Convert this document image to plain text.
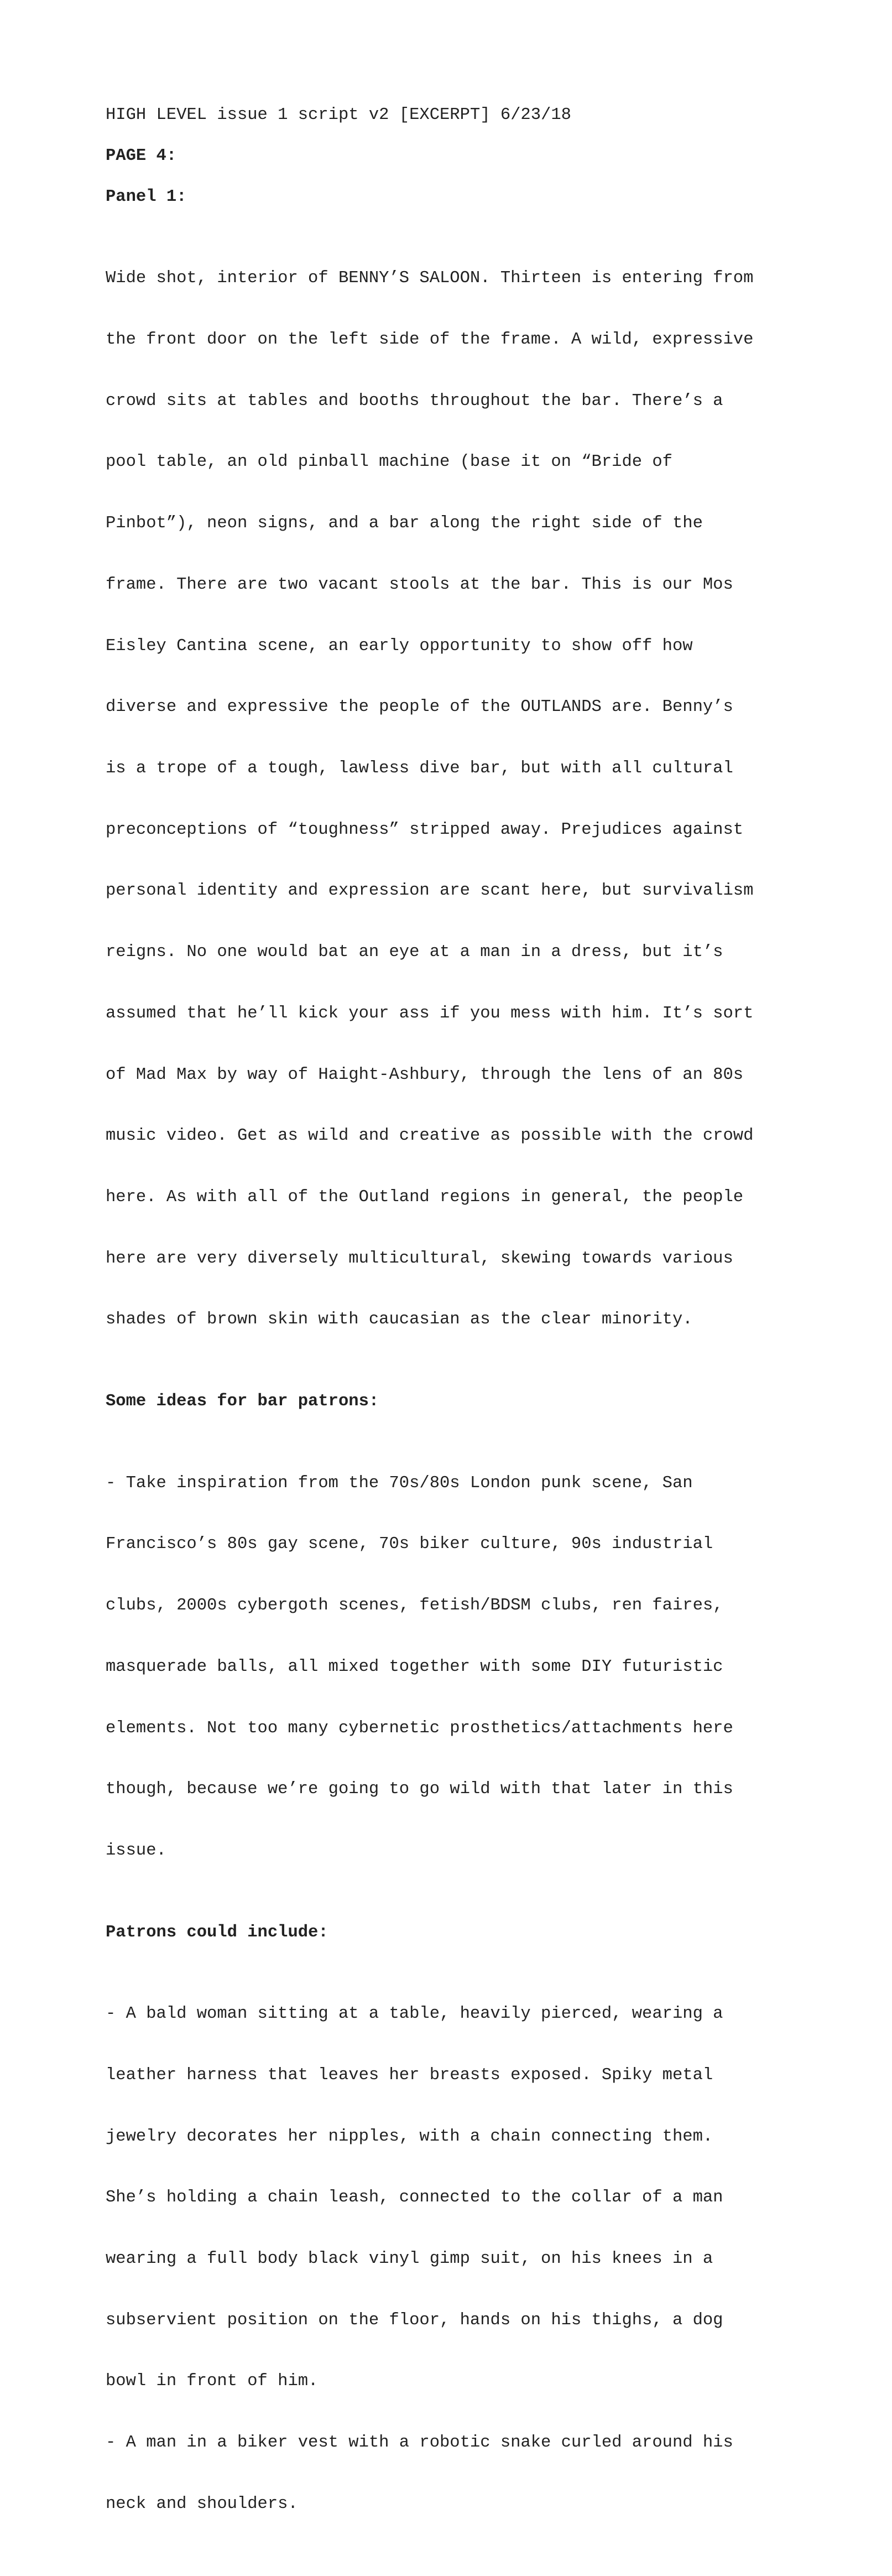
HIGH LEVEL issue 1 script v2 [EXCERPT] 6/23/18
PAGE 4:
Panel 1:

Wide shot, interior of BENNY’S SALOON. Thirteen is entering from

the front door on the left side of the frame. A wild, expressive

crowd sits at tables and booths throughout the bar. There’s a

pool table, an old pinball machine (base it on “Bride of

Pinbot”), neon signs, and a bar along the right side of the

frame. There are two vacant stools at the bar. This is our Mos

Eisley Cantina scene, an early opportunity to show off how

diverse and expressive the people of the OUTLANDS are. Benny’s

is a trope of a tough, lawless dive bar, but with all cultural

preconceptions of “toughness” stripped away. Prejudices against

personal identity and expression are scant here, but survivalism

reigns. No one would bat an eye at a man in a dress, but it’s

assumed that he’ll kick your ass if you mess with him. It’s sort

of Mad Max by way of Haight-Ashbury, through the lens of an 80s

music video. Get as wild and creative as possible with the crowd

here. As with all of the Outland regions in general, the people

here are very diversely multicultural, skewing towards various

shades of brown skin with caucasian as the clear minority.

Some ideas for bar patrons:

- Take inspiration from the 70s/80s London punk scene, San

Francisco’s 80s gay scene, 70s biker culture, 90s industrial

clubs, 2000s cybergoth scenes, fetish/BDSM clubs, ren faires,

masquerade balls, all mixed together with some DIY futuristic

elements. Not too many cybernetic prosthetics/attachments here

though, because we’re going to go wild with that later in this

issue.

Patrons could include:

- A bald woman sitting at a table, heavily pierced, wearing a

leather harness that leaves her breasts exposed. Spiky metal

jewelry decorates her nipples, with a chain connecting them.

She’s holding a chain leash, connected to the collar of a man

wearing a full body black vinyl gimp suit, on his knees in a

subservient position on the floor, hands on his thighs, a dog

bowl in front of him.

- A man in a biker vest with a robotic snake curled around his

neck and shoulders.
